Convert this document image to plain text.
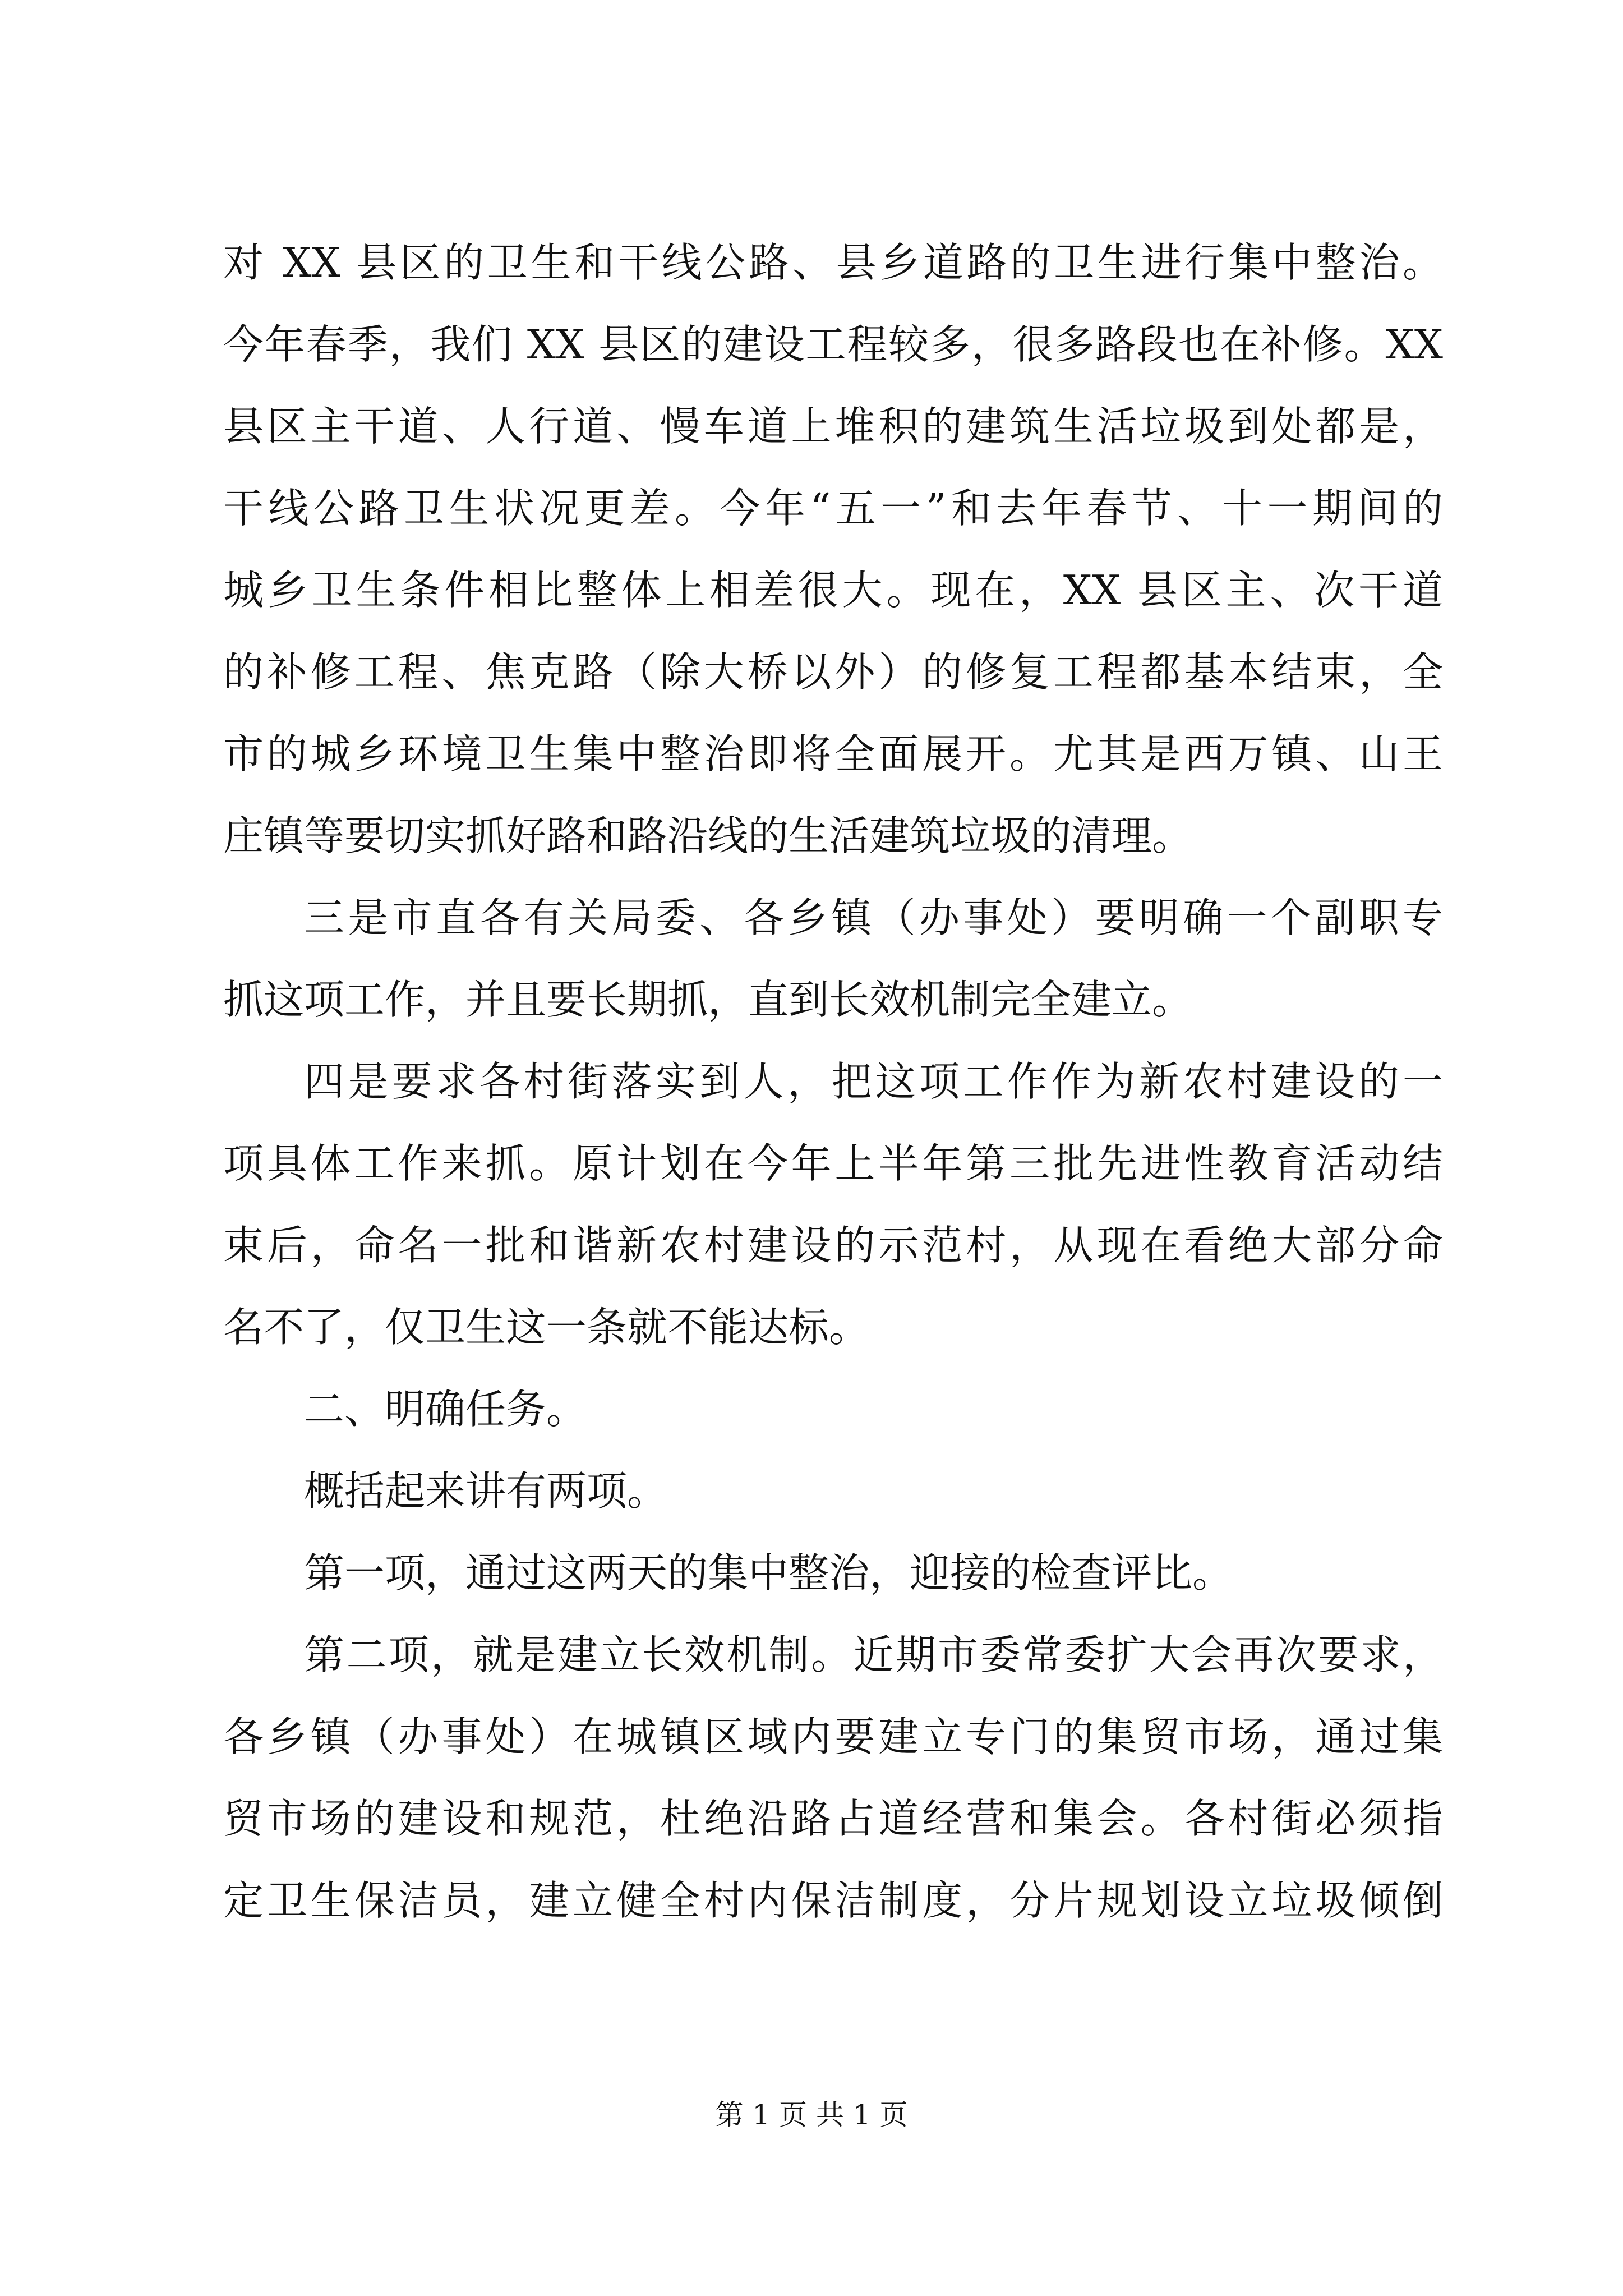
对 XX 县区的卫生和干线公路、县乡道路的卫生进行集中整治。
今年春季，我们 XX 县区的建设工程较多，很多路段也在补修。XX
县区主干道、人行道、慢车道上堆积的建筑生活垃圾到处都是，
干线公路卫生状况更差。今年“五一”和去年春节、十一期间的
城乡卫生条件相比整体上相差很大。现在，XX 县区主、次干道
的补修工程、焦克路（除大桥以外）的修复工程都基本结束，全
市的城乡环境卫生集中整治即将全面展开。尤其是西万镇、山王
庄镇等要切实抓好路和路沿线的生活建筑垃圾的清理。
三是市直各有关局委、各乡镇（办事处）要明确一个副职专
抓这项工作，并且要长期抓，直到长效机制完全建立。
四是要求各村街落实到人，把这项工作作为新农村建设的一
项具体工作来抓。原计划在今年上半年第三批先进性教育活动结
束后，命名一批和谐新农村建设的示范村，从现在看绝大部分命
名不了，仅卫生这一条就不能达标。
二、明确任务。
概括起来讲有两项。
第一项，通过这两天的集中整治，迎接的检查评比。
第二项，就是建立长效机制。近期市委常委扩大会再次要求，
各乡镇（办事处）在城镇区域内要建立专门的集贸市场，通过集
贸市场的建设和规范，杜绝沿路占道经营和集会。各村街必须指
定卫生保洁员，建立健全村内保洁制度，分片规划设立垃圾倾倒
第 1 页 共 1 页
